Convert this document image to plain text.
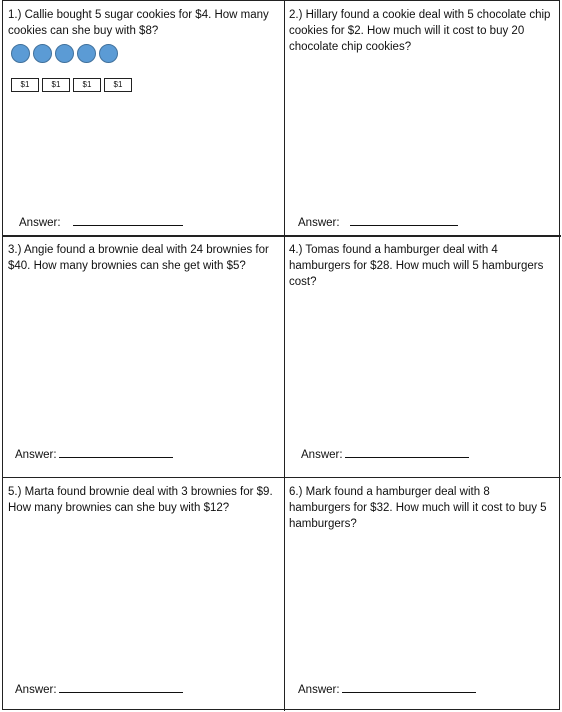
1.) Callie bought 5 sugar cookies for $4. How many cookies can she buy with $8?

$1	$1	$1	$1
Answer:

2.) Hillary found a cookie deal with 5 chocolate chip cookies for $2. How much will it cost to buy 20 chocolate chip cookies?

Answer:

3.) Angie found a brownie deal with 24 brownies for $40. How many brownies can she get with $5?

Answer:

4.) Tomas found a hamburger deal with 4 hamburgers for $28. How much will 5 hamburgers cost?

Answer:

5.) Marta found brownie deal with 3 brownies for $9. How many brownies can she buy with $12?

Answer:

6.) Mark found a hamburger deal with 8 hamburgers for $32. How much will it cost to buy 5 hamburgers?

Answer:
